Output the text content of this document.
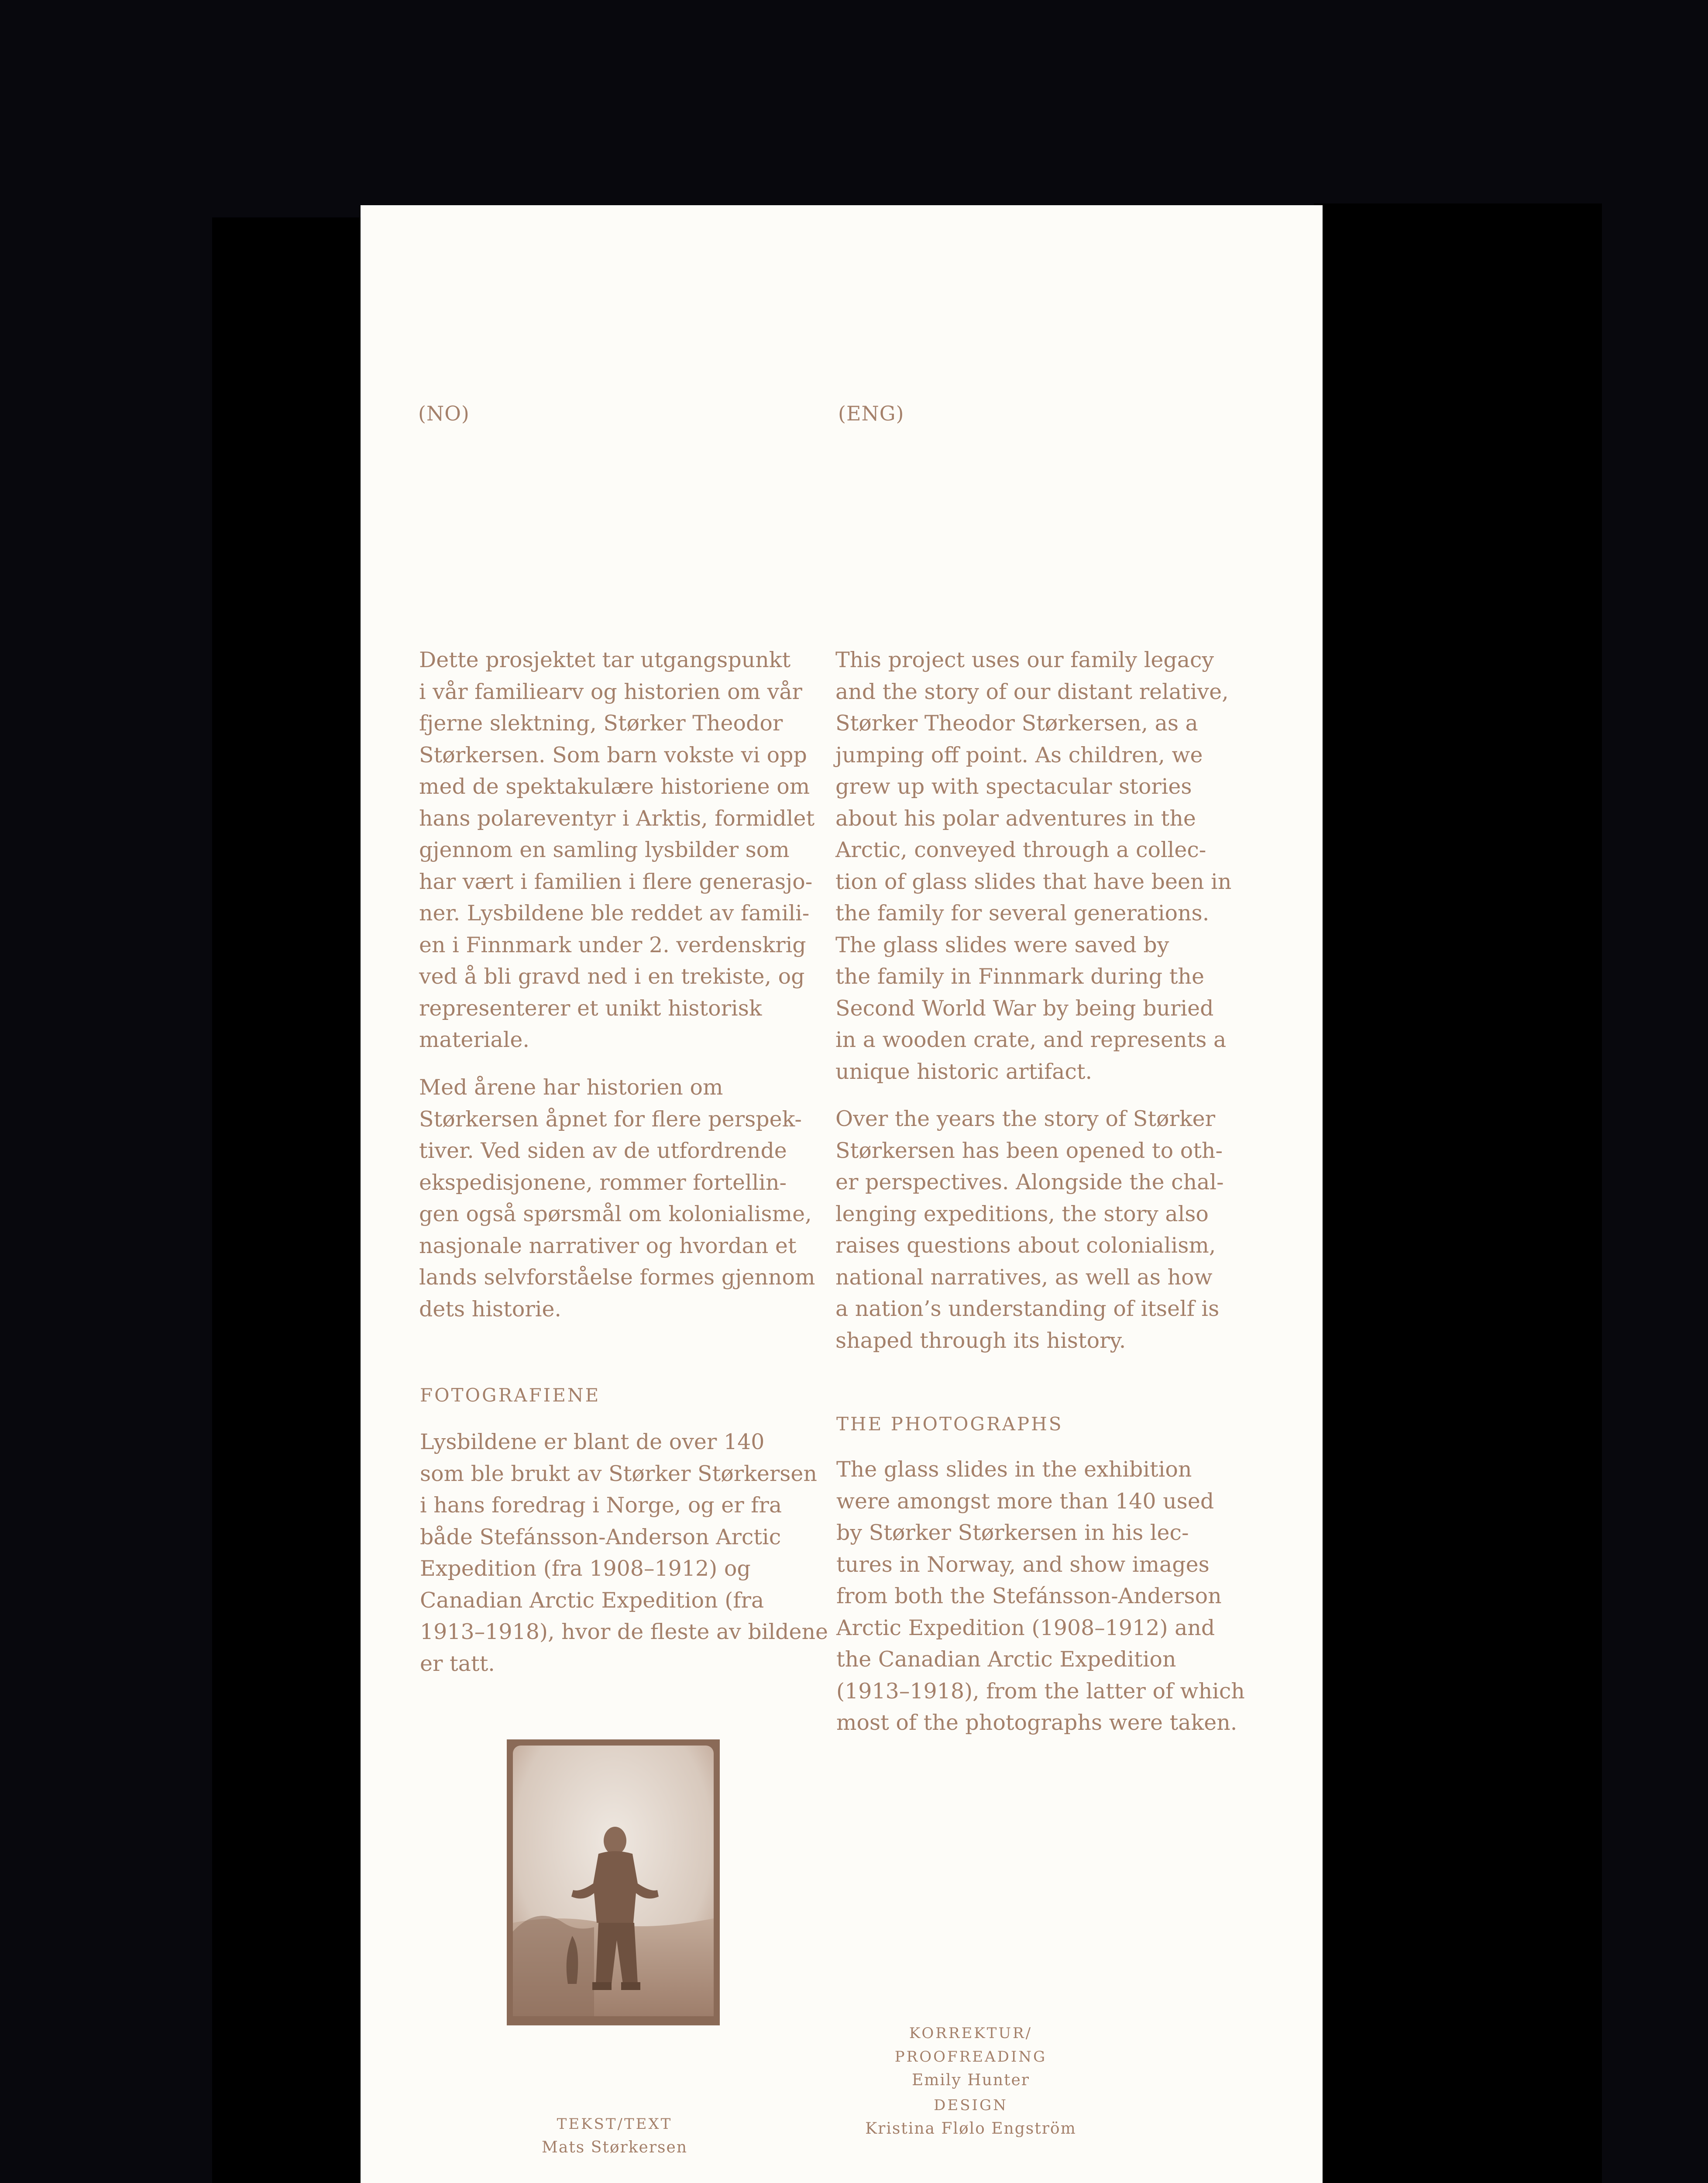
(NO)	(ENG)

Dette prosjektet tar utgangspunkt

i vår familiearv og historien om vår

fjerne slektning, Størker Theodor

Størkersen. Som barn vokste vi opp

med de spektakulære historiene om

hans polareventyr i Arktis, formidlet

gjennom en samling lysbilder som

har vært i familien i flere generasjo-

ner. Lysbildene ble reddet av famili-

en i Finnmark under 2. verdenskrig

ved å bli gravd ned i en trekiste, og

representerer et unikt historisk

materiale.

Med årene har historien om

Størkersen åpnet for flere perspek-

tiver. Ved siden av de utfordrende

ekspedisjonene, rommer fortellin-

gen også spørsmål om kolonialisme,

nasjonale narrativer og hvordan et

lands selvforståelse formes gjennom

dets historie.

FOTOGRAFIENE

Lysbildene er blant de over 140

som ble brukt av Størker Størkersen

i hans foredrag i Norge, og er fra

både Stefánsson-Anderson Arctic

Expedition (fra 1908–1912) og

Canadian Arctic Expedition (fra

1913–1918), hvor de fleste av bildene

er tatt.

This project uses our family legacy

and the story of our distant relative,

Størker Theodor Størkersen, as a

jumping off point. As children, we

grew up with spectacular stories

about his polar adventures in the

Arctic, conveyed through a collec-

tion of glass slides that have been in

the family for several generations.

The glass slides were saved by

the family in Finnmark during the

Second World War by being buried

in a wooden crate, and represents a

unique historic artifact.

Over the years the story of Størker

Størkersen has been opened to oth-

er perspectives. Alongside the chal-

lenging expeditions, the story also

raises questions about colonialism,

national narratives, as well as how

a nation’s understanding of itself is

shaped through its history.

THE PHOTOGRAPHS

The glass slides in the exhibition

were amongst more than 140 used

by Størker Størkersen in his lec-

tures in Norway, and show images

from both the Stefánsson-Anderson

Arctic Expedition (1908–1912) and

the Canadian Arctic Expedition

(1913–1918), from the latter of which

most of the photographs were taken.

TEKST/TEXT
Mats Størkersen
KORREKTUR/
PROOFREADING
Emily Hunter
DESIGN
Kristina Flølo Engström
